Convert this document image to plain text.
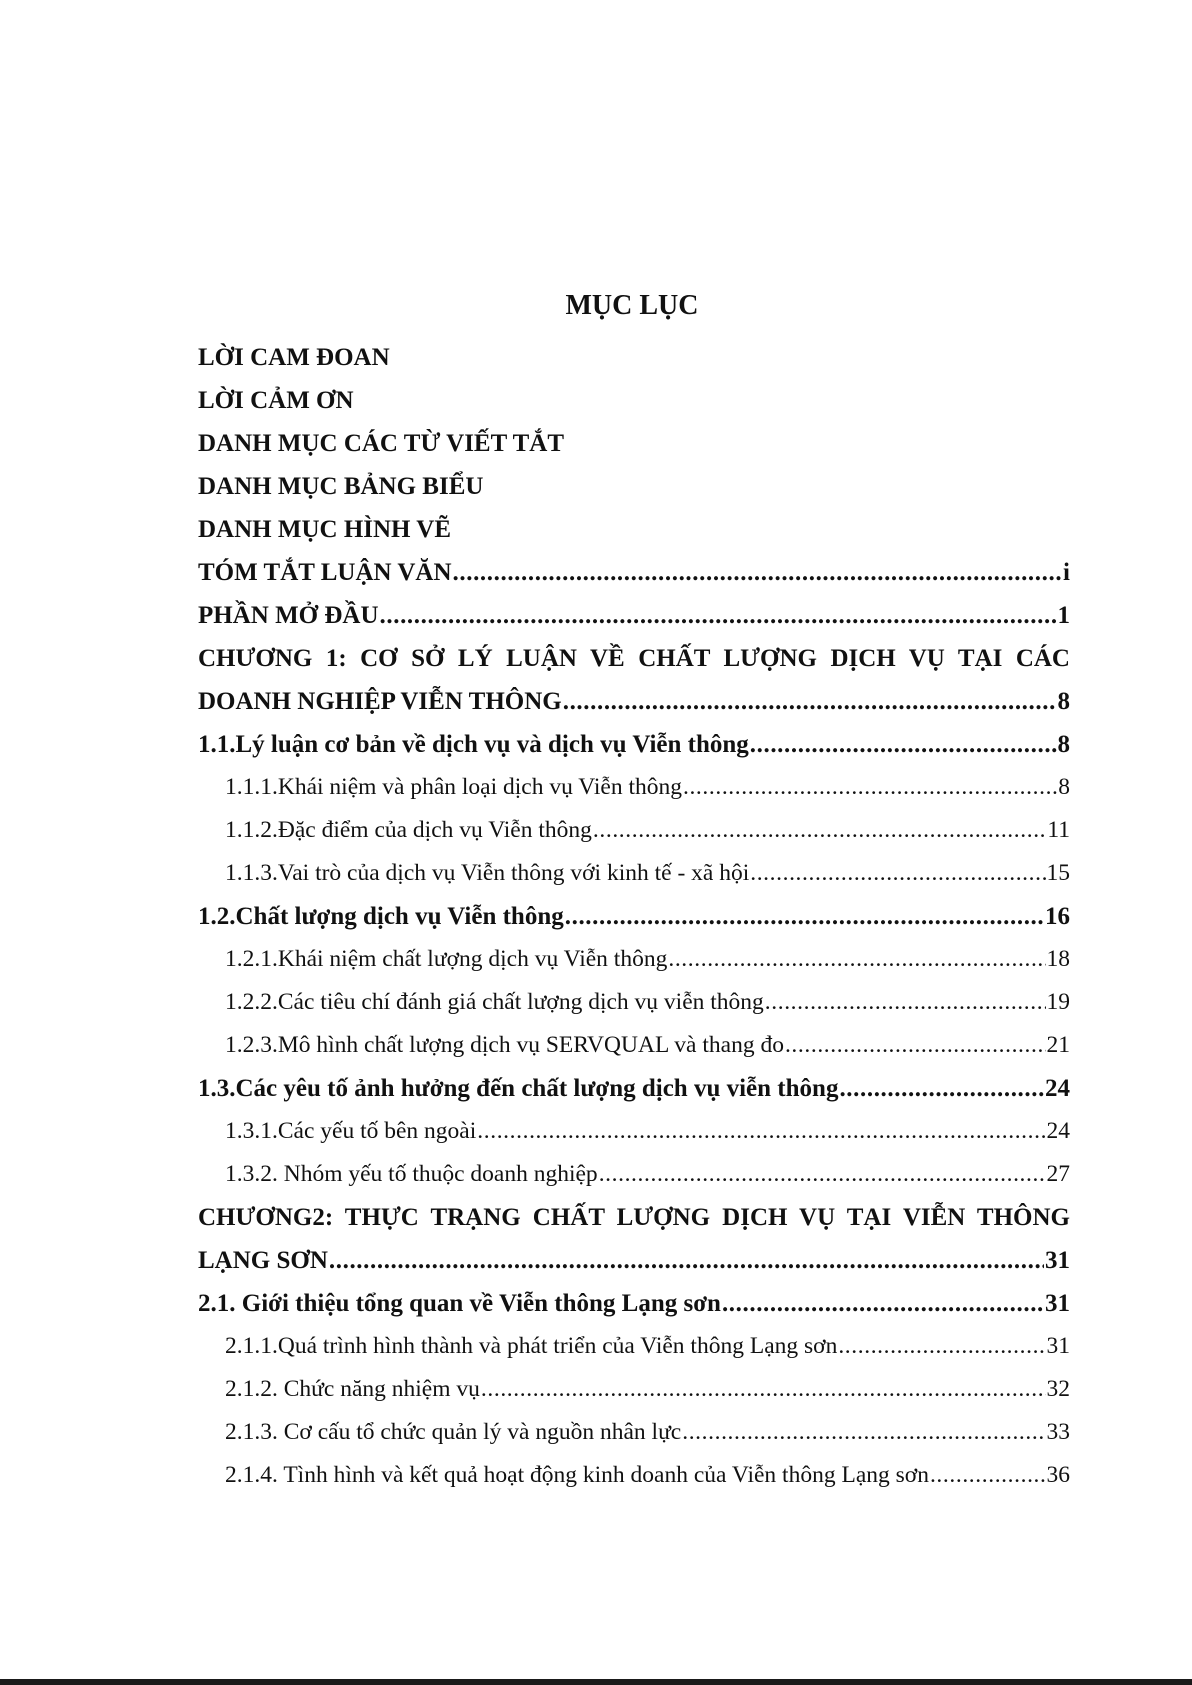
MỤC LỤC
LỜI CAM ĐOAN
LỜI CẢM ƠN
DANH MỤC CÁC TỪ VIẾT TẮT
DANH MỤC BẢNG BIỂU
DANH MỤC HÌNH VẼ
TÓM TẮT LUẬN VĂN .....	i
PHẦN MỞ ĐẦU .....	1
CHƯƠNG 1: CƠ SỞ LÝ LUẬN VỀ CHẤT LƯỢNG DỊCH VỤ TẠI CÁC
DOANH NGHIỆP VIỄN THÔNG .....	8
1.1.Lý luận cơ bản về dịch vụ và dịch vụ Viễn thông .....	8
1.1.1.Khái niệm và phân loại dịch vụ Viễn thông .....	8
1.1.2.Đặc điểm của dịch vụ Viễn thông .....	11
1.1.3.Vai trò của dịch vụ Viễn thông với kinh tế - xã hội .....	15
1.2.Chất lượng dịch vụ Viễn thông .....	16
1.2.1.Khái niệm chất lượng dịch vụ Viễn thông .....	18
1.2.2.Các tiêu chí đánh giá chất lượng dịch vụ viễn thông .....	19
1.2.3.Mô hình chất lượng dịch vụ SERVQUAL và thang đo .....	21
1.3.Các yêu tố ảnh hưởng đến chất lượng dịch vụ viễn thông .....	24
1.3.1.Các yếu tố bên ngoài .....	24
1.3.2. Nhóm yếu tố thuộc doanh nghiệp .....	27
CHƯƠNG2: THỰC TRẠNG CHẤT LƯỢNG DỊCH VỤ TẠI VIỄN THÔNG
LẠNG SƠN .....	31
2.1. Giới thiệu tổng quan về Viễn thông Lạng sơn .....	31
2.1.1.Quá trình hình thành và phát triển của Viễn thông Lạng sơn .....	31
2.1.2. Chức năng nhiệm vụ .....	32
2.1.3. Cơ cấu tổ chức quản lý và nguồn nhân lực .....	33
2.1.4. Tình hình và kết quả hoạt động kinh doanh của Viễn thông Lạng sơn .....	36
